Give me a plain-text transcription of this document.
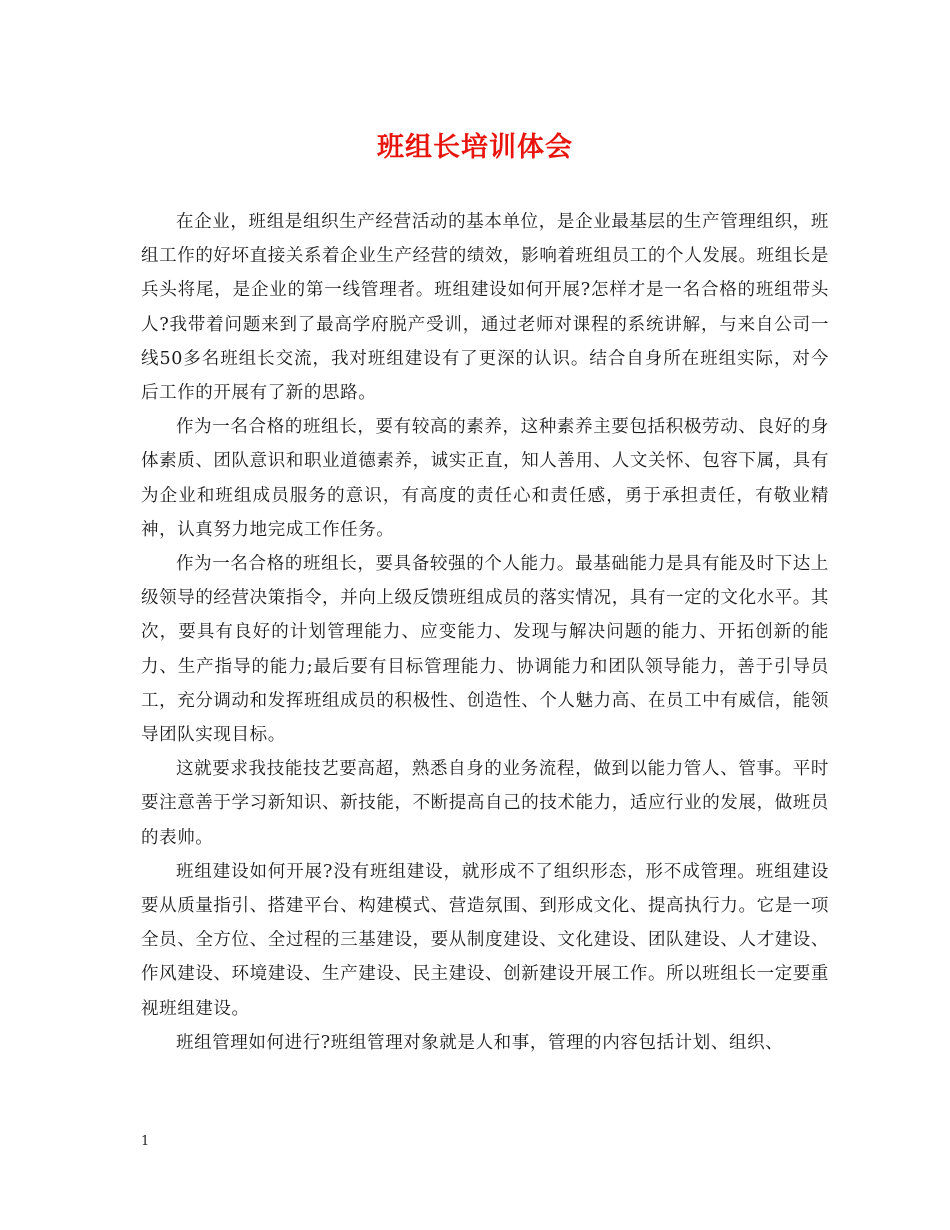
班组长培训体会

在企业，班组是组织生产经营活动的基本单位，是企业最基层的生产管理组织，班组工作的好坏直接关系着企业生产经营的绩效，影响着班组员工的个人发展。班组长是兵头将尾，是企业的第一线管理者。班组建设如何开展?怎样才是一名合格的班组带头人?我带着问题来到了最高学府脱产受训，通过老师对课程的系统讲解，与来自公司一线50多名班组长交流，我对班组建设有了更深的认识。结合自身所在班组实际，对今后工作的开展有了新的思路。

作为一名合格的班组长，要有较高的素养，这种素养主要包括积极劳动、良好的身体素质、团队意识和职业道德素养，诚实正直，知人善用、人文关怀、包容下属，具有为企业和班组成员服务的意识，有高度的责任心和责任感，勇于承担责任，有敬业精神，认真努力地完成工作任务。

作为一名合格的班组长，要具备较强的个人能力。最基础能力是具有能及时下达上级领导的经营决策指令，并向上级反馈班组成员的落实情况，具有一定的文化水平。其次，要具有良好的计划管理能力、应变能力、发现与解决问题的能力、开拓创新的能力、生产指导的能力;最后要有目标管理能力、协调能力和团队领导能力，善于引导员工，充分调动和发挥班组成员的积极性、创造性、个人魅力高、在员工中有威信，能领导团队实现目标。

这就要求我技能技艺要高超，熟悉自身的业务流程，做到以能力管人、管事。平时要注意善于学习新知识、新技能，不断提高自己的技术能力，适应行业的发展，做班员的表帅。

班组建设如何开展?没有班组建设，就形成不了组织形态，形不成管理。班组建设要从质量指引、搭建平台、构建模式、营造氛围、到形成文化、提高执行力。它是一项全员、全方位、全过程的三基建设，要从制度建设、文化建设、团队建设、人才建设、作风建设、环境建设、生产建设、民主建设、创新建设开展工作。所以班组长一定要重视班组建设。

班组管理如何进行?班组管理对象就是人和事，管理的内容包括计划、组织、

1
